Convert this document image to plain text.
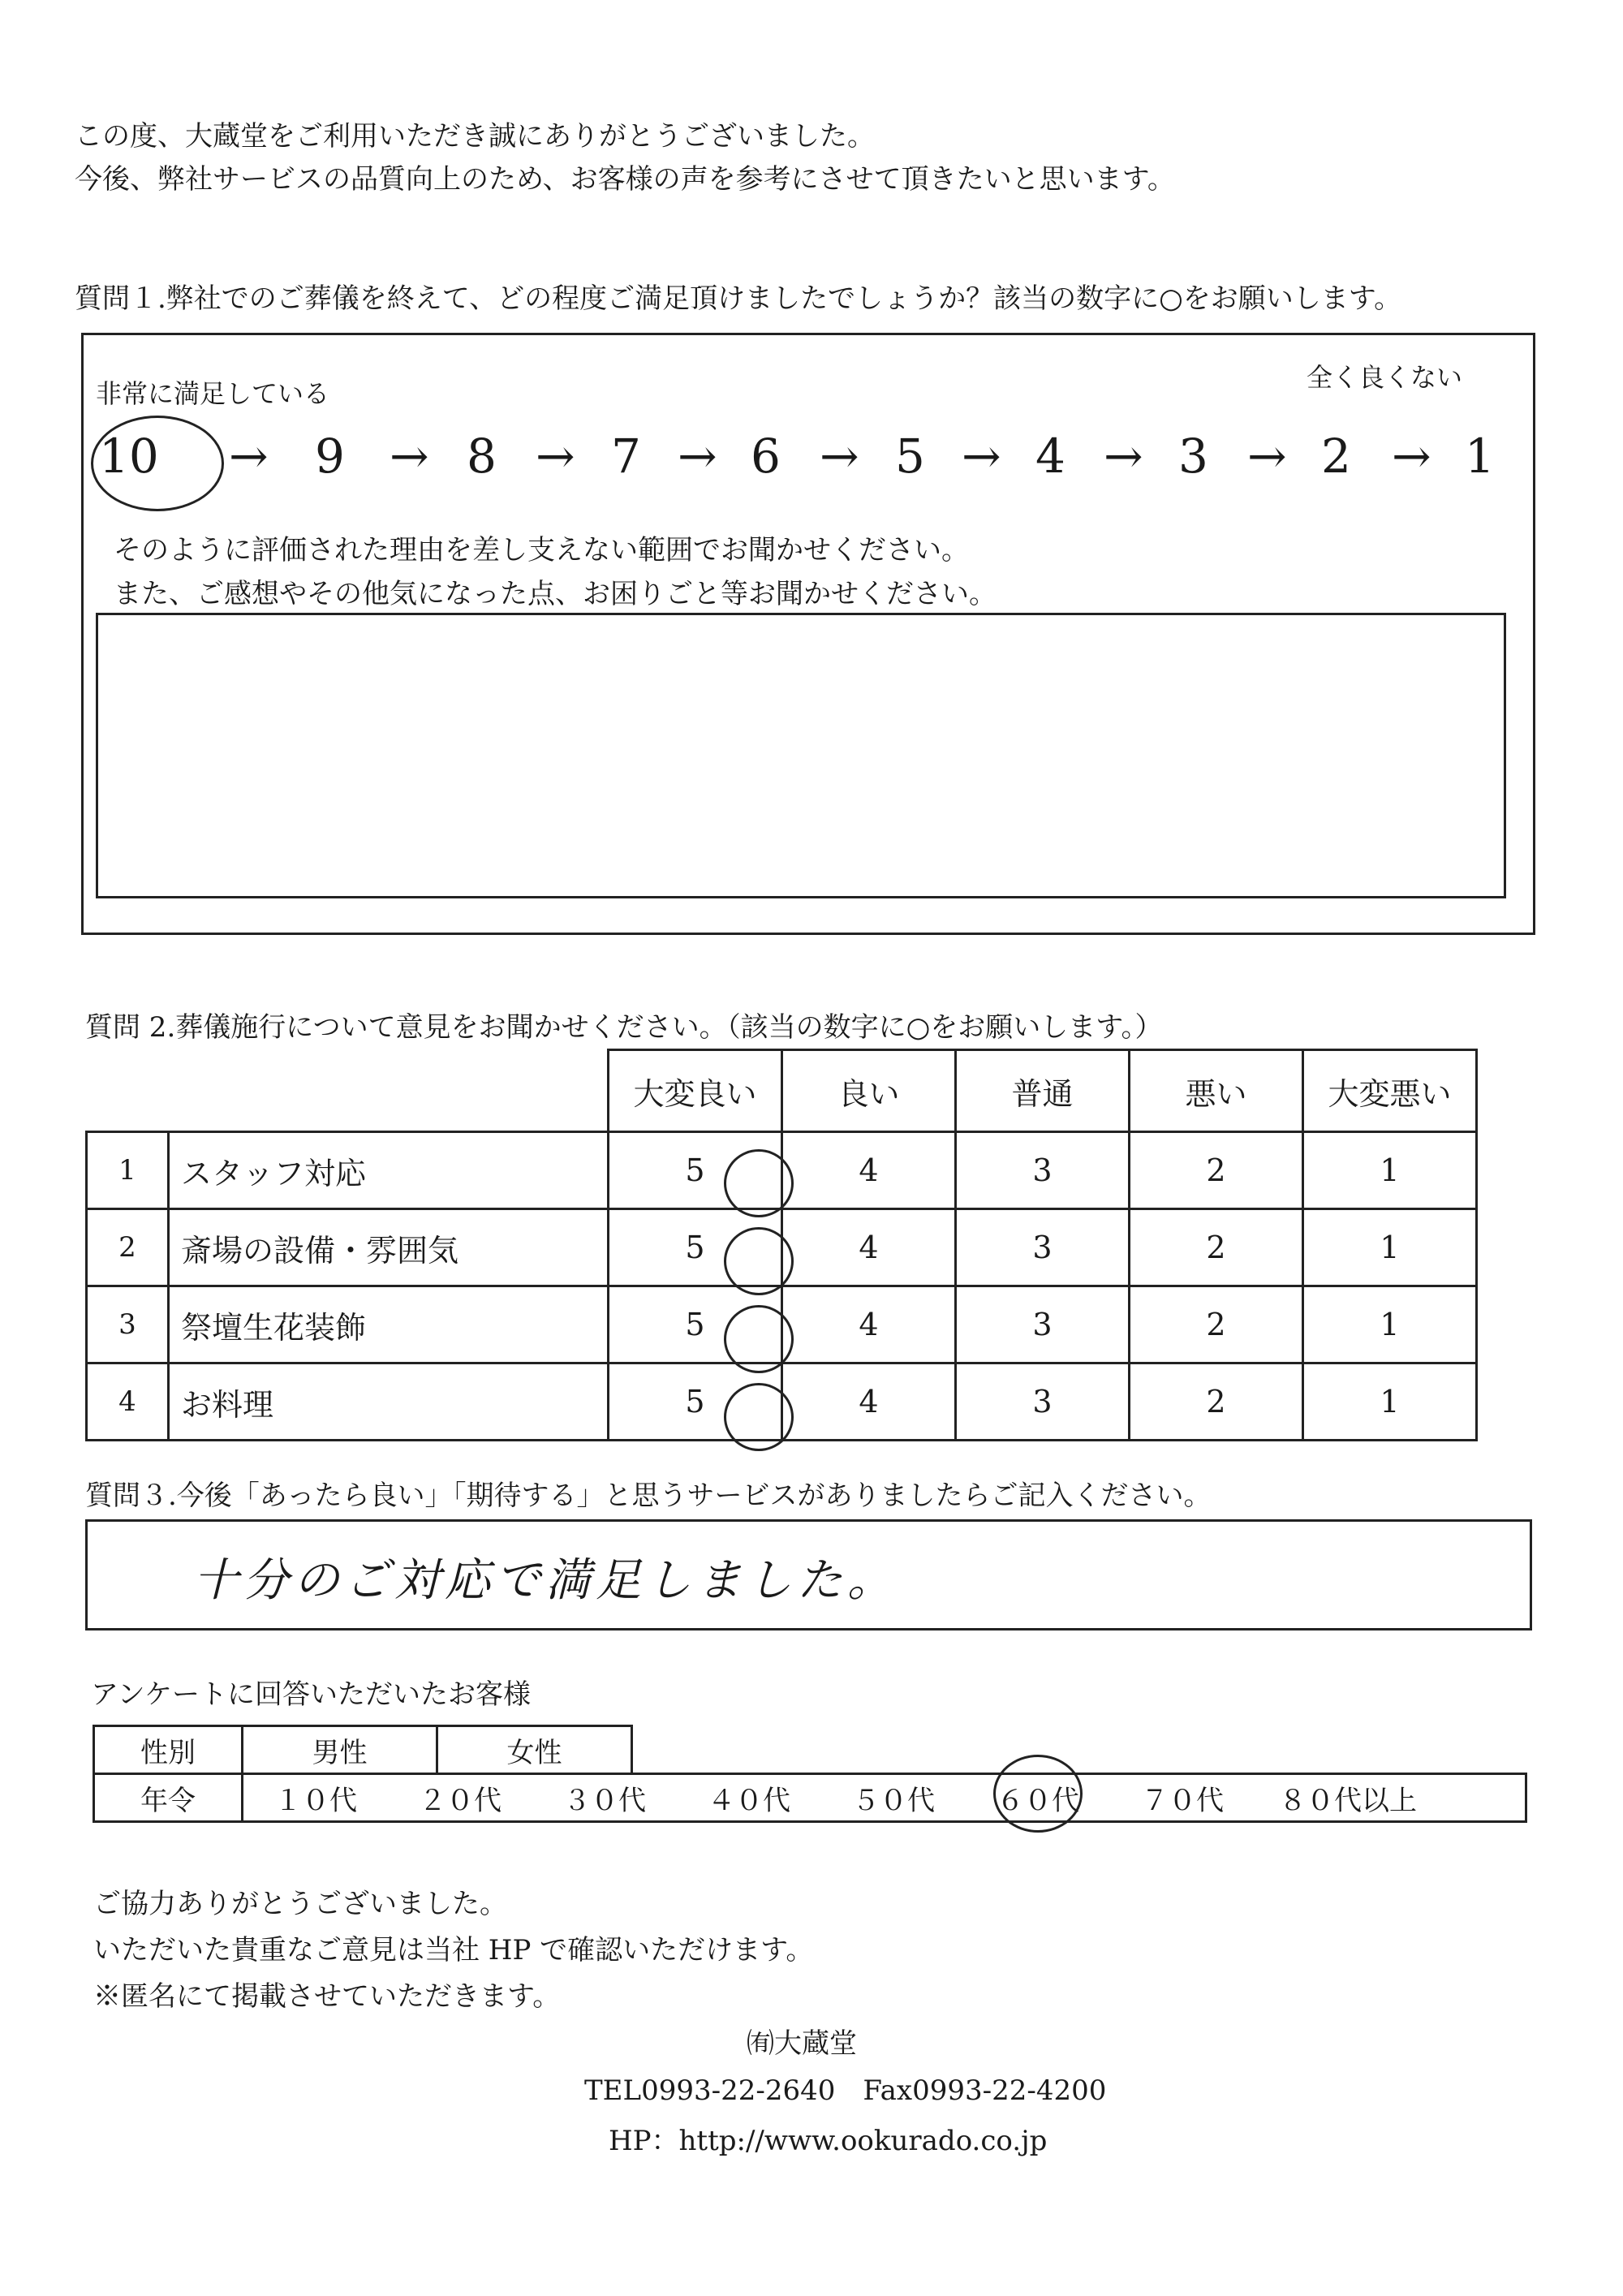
この度、大蔵堂をご利用いただき誠にありがとうございました。
今後、弊社サービスの品質向上のため、お客様の声を参考にさせて頂きたいと思います。
質問１.弊社でのご葬儀を終えて、どの程度ご満足頂けましたでしょうか？該当の数字に○をお願いします。
非常に満足している
全く良くない
10	9	8 7 6 5 4 3 2 1
→	→ → → → → → → →
そのように評価された理由を差し支えない範囲でお聞かせください。
また、ご感想やその他気になった点、お困りごと等お聞かせください。
質問 2.葬儀施行について意見をお聞かせください。（該当の数字に○をお願いします。）
		大変良い	良い	普通	悪い	大変悪い
1	スタッフ対応	5	4	3	2	1
2	斎場の設備・雰囲気	5	4	3	2	1
3	祭壇生花装飾	5	4	3	2	1
4	お料理	5	4	3	2	1
質問３.今後「あったら良い」「期待する」と思うサービスがありましたらご記入ください。
十分のご対応で満足しました。
アンケートに回答いただいたお客様
性別	男性	女性	
年令	１０代 ２０代 ３０代 ４０代 ５０代 ６０代 ７０代 ８０代以上		
ご協力ありがとうございました。
いただいた貴重なご意見は当社 HP で確認いただけます。
※匿名にて掲載させていただきます。
㈲大蔵堂
TEL0993-22-2640　Fax0993-22-4200
HP：http://www.ookurado.co.jp
